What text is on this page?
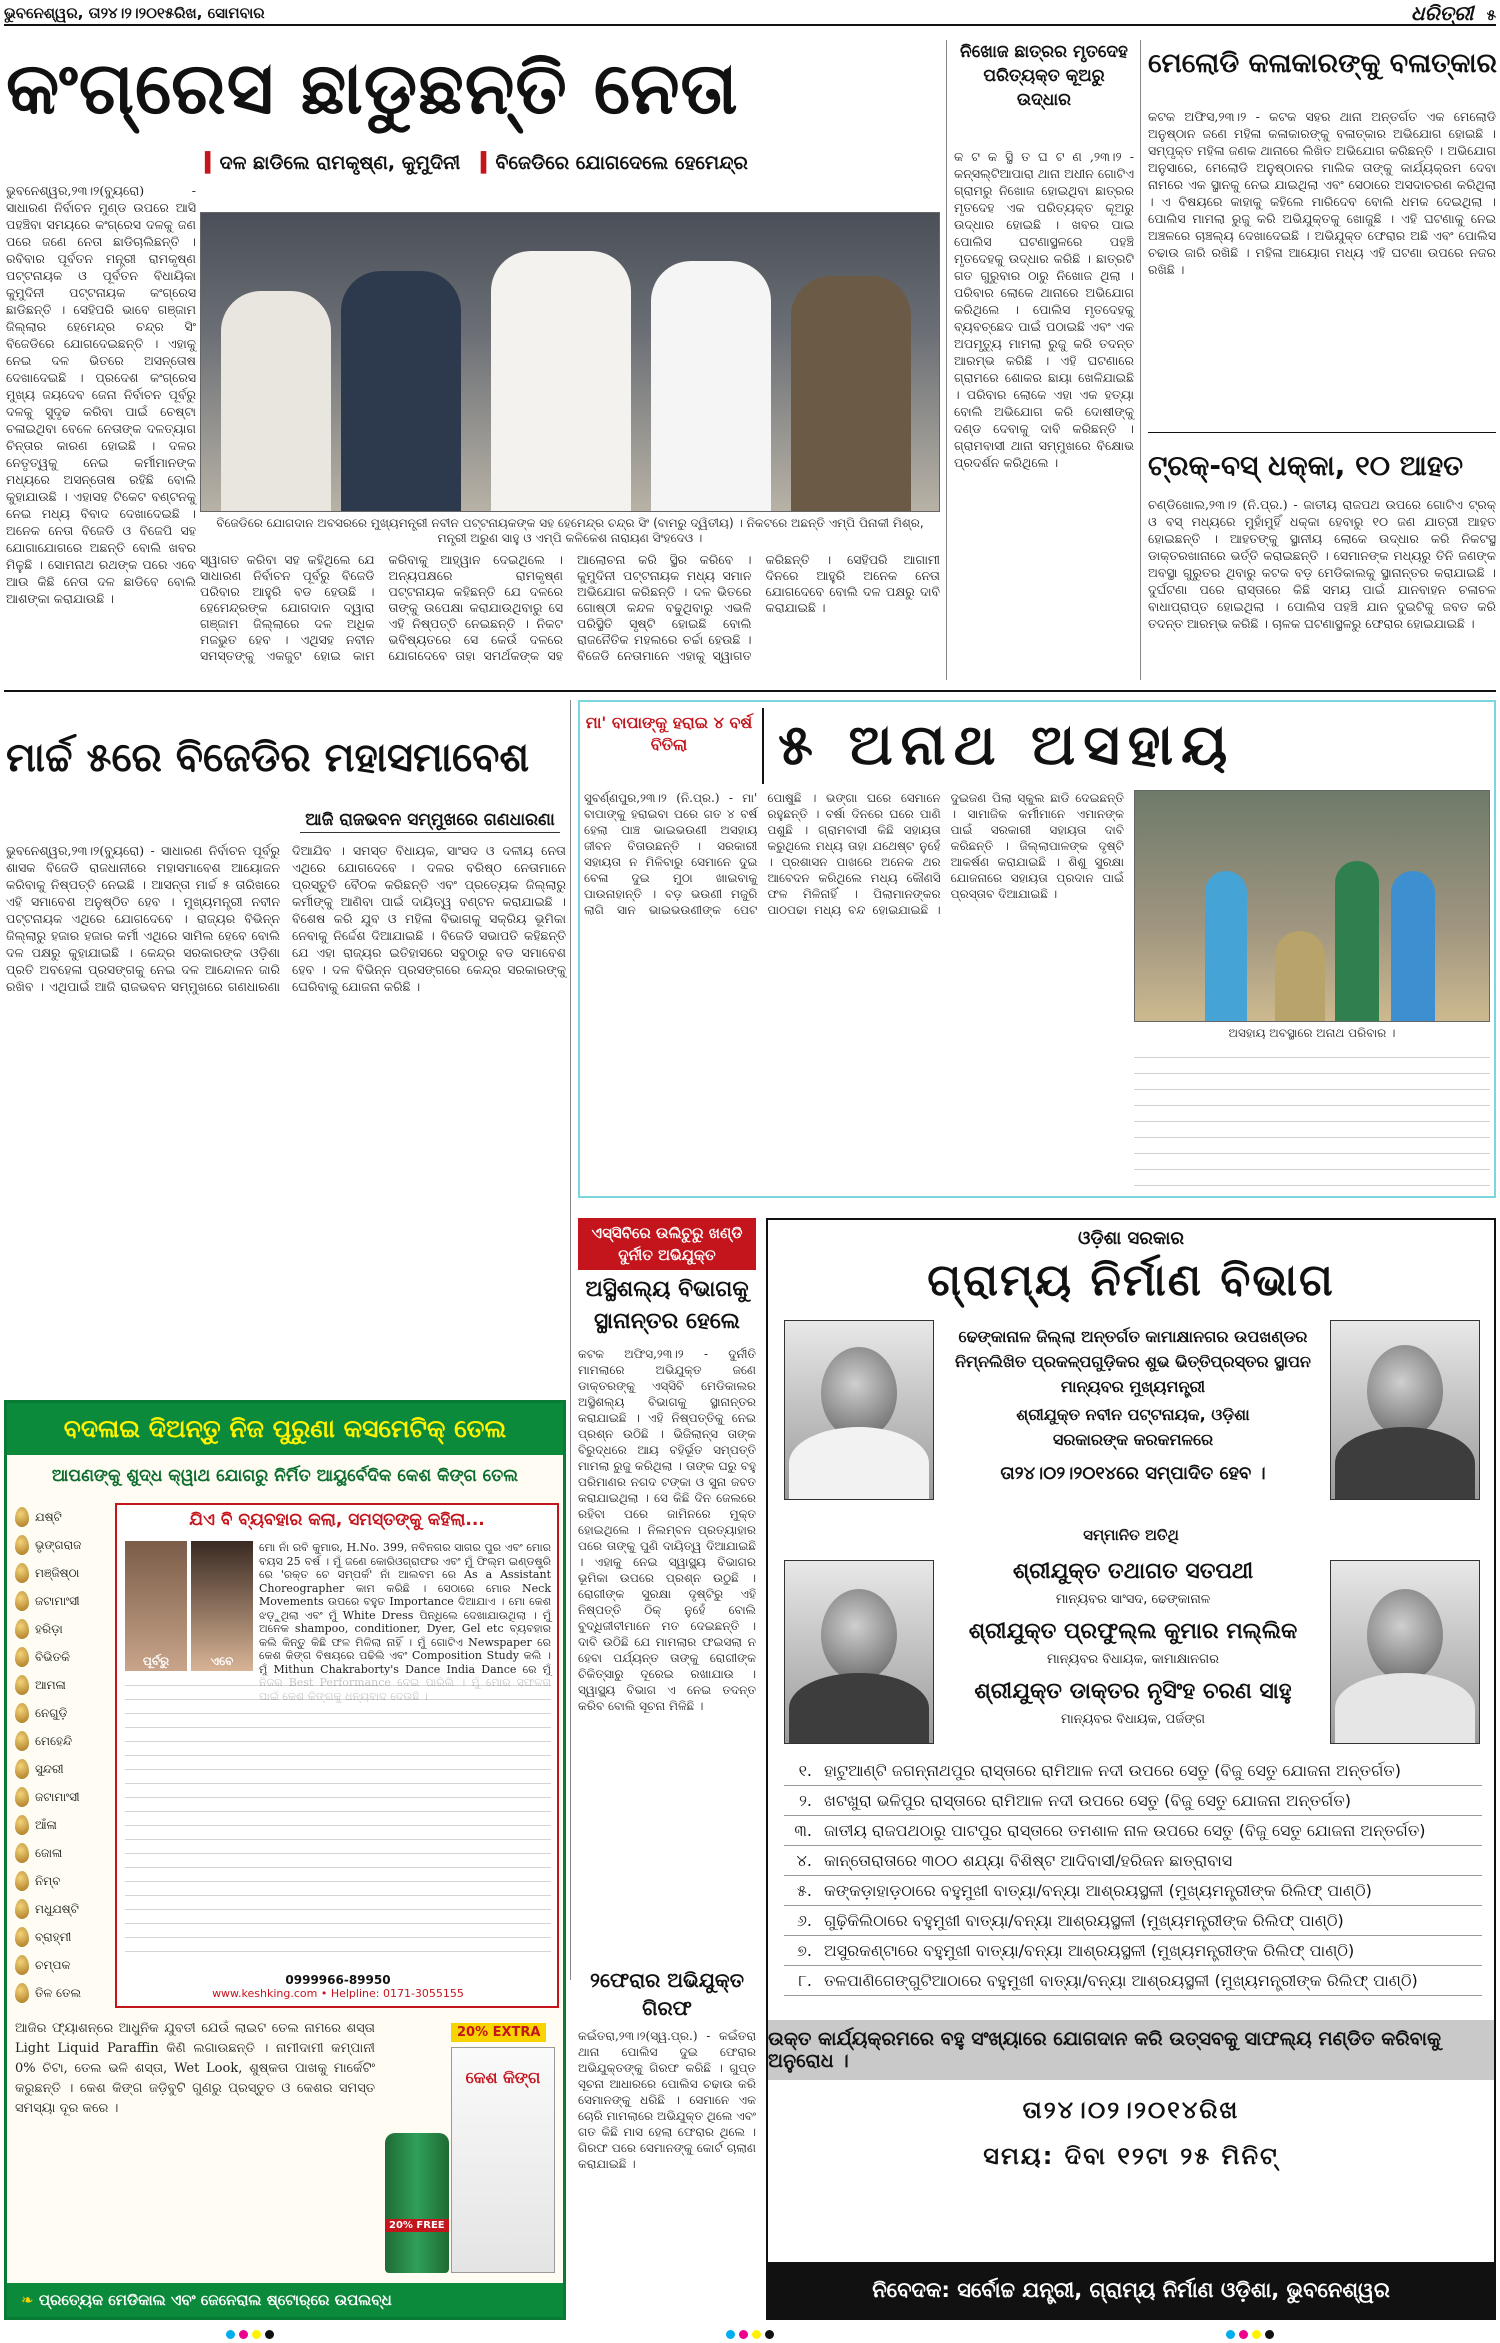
ଭୁବନେଶ୍ୱର, ତା୨୪।୨।୨୦୧୫ରିଖ, ସୋମବାର	ଧରିତ୍ରୀ ୫
କଂଗ୍ରେସ ଛାଡୁଛନ୍ତି ନେତା
▍ଦଳ ଛାଡିଲେ ରାମକୃଷ୍ଣ, କୁମୁଦିନୀ ▍ବିଜେଡିରେ ଯୋଗଦେଲେ ହେମେନ୍ଦ୍ର
ଭୁବନେଶ୍ୱର,୨୩।୨(ବ୍ୟୁରୋ) - ସାଧାରଣ ନିର୍ବାଚନ ମୁଣ୍ଡ ଉପରେ ଆସି ପହଞ୍ଚିବା ସମୟରେ କଂଗ୍ରେସ ଦଳକୁ ଜଣ ପରେ ଜଣେ ନେତା ଛାଡିଚାଲିଛନ୍ତି । ରବିବାର ପୂର୍ବତନ ମନ୍ତ୍ରୀ ରାମକୃଷ୍ଣ ପଟ୍ଟନାୟକ ଓ ପୂର୍ବତନ ବିଧାୟିକା କୁମୁଦିନୀ ପଟ୍ଟନାୟକ କଂଗ୍ରେସ ଛାଡିଛନ୍ତି । ସେହିପରି ଭାବେ ଗଞ୍ଜାମ ଜିଲ୍ଲାର ହେମେନ୍ଦ୍ର ଚନ୍ଦ୍ର ସିଂ ବିଜେଡିରେ ଯୋଗଦେଇଛନ୍ତି । ଏହାକୁ ନେଇ ଦଳ ଭିତରେ ଅସନ୍ତୋଷ ଦେଖାଦେଇଛି । ପ୍ରଦେଶ କଂଗ୍ରେସ ମୁଖ୍ୟ ଜୟଦେବ ଜେନା ନିର୍ବାଚନ ପୂର୍ବରୁ ଦଳକୁ ସୁଦୃଢ କରିବା ପାଇଁ ଚେଷ୍ଟା ଚଳାଇଥିବା ବେଳେ ନେତାଙ୍କ ଦଳତ୍ୟାଗ ଚିନ୍ତାର କାରଣ ହୋଇଛି । ଦଳର ନେତୃତ୍ୱକୁ ନେଇ କର୍ମୀମାନଙ୍କ ମଧ୍ୟରେ ଅସନ୍ତୋଷ ରହିଛି ବୋଲି କୁହାଯାଉଛି । ଏହାସହ ଟିକେଟ ବଣ୍ଟନକୁ ନେଇ ମଧ୍ୟ ବିବାଦ ଦେଖାଦେଇଛି । ଅନେକ ନେତା ବିଜେଡି ଓ ବିଜେପି ସହ ଯୋଗାଯୋଗରେ ଅଛନ୍ତି ବୋଲି ଖବର ମିଳୁଛି । ସୋମନାଥ ରଥଙ୍କ ପରେ ଏବେ ଆଉ କିଛି ନେତା ଦଳ ଛାଡିବେ ବୋଲି ଆଶଙ୍କା କରାଯାଉଛି ।
ବିଜେଡିରେ ଯୋଗଦାନ ଅବସରରେ ମୁଖ୍ୟମନ୍ତ୍ରୀ ନବୀନ ପଟ୍ଟନାୟକଙ୍କ ସହ ହେମେନ୍ଦ୍ର ଚନ୍ଦ୍ର ସିଂ (ବାମରୁ ଦ୍ୱିତୀୟ) । ନିକଟରେ ଅଛନ୍ତି ଏମ୍‌ପି ପିନାକୀ ମିଶ୍ର, ମନ୍ତ୍ରୀ ଅରୁଣ ସାହୁ ଓ ଏମ୍‌ପି କଳିକେଶ ନାରାୟଣ ସିଂହଦେଓ ।
ସ୍ୱାଗତ କରିବା ସହ କହିଥିଲେ ଯେ ସାଧାରଣ ନିର୍ବାଚନ ପୂର୍ବରୁ ବିଜେଡି ପରିବାର ଆହୁରି ବଡ ହେଉଛି । ହେମେନ୍ଦ୍ରଙ୍କ ଯୋଗଦାନ ଦ୍ୱାରା ଗଞ୍ଜାମ ଜିଲ୍ଲାରେ ଦଳ ଅଧିକ ମଜଭୁତ ହେବ । ଏଥିସହ ନବୀନ ସମସ୍ତଙ୍କୁ ଏକଜୁଟ ହୋଇ କାମ କରିବାକୁ ଆହ୍ୱାନ ଦେଇଥିଲେ । ଅନ୍ୟପକ୍ଷରେ ରାମକୃଷ୍ଣ ପଟ୍ଟନାୟକ କହିଛନ୍ତି ଯେ ଦଳରେ ତାଙ୍କୁ ଉପେକ୍ଷା କରାଯାଉଥିବାରୁ ସେ ଏହି ନିଷ୍ପତ୍ତି ନେଇଛନ୍ତି । ନିକଟ ଭବିଷ୍ୟତରେ ସେ କେଉଁ ଦଳରେ ଯୋଗଦେବେ ତାହା ସମର୍ଥକଙ୍କ ସହ ଆଲୋଚନା କରି ସ୍ଥିର କରିବେ । କୁମୁଦିନୀ ପଟ୍ଟନାୟକ ମଧ୍ୟ ସମାନ ଅଭିଯୋଗ କରିଛନ୍ତି । ଦଳ ଭିତରେ ଗୋଷ୍ଠୀ କନ୍ଦଳ ବଢୁଥିବାରୁ ଏଭଳି ପରିସ୍ଥିତି ସୃଷ୍ଟି ହୋଇଛି ବୋଲି ରାଜନୈତିକ ମହଲରେ ଚର୍ଚ୍ଚା ହେଉଛି । ବିଜେଡି ନେତାମାନେ ଏହାକୁ ସ୍ୱାଗତ କରିଛନ୍ତି । ସେହିପରି ଆଗାମୀ ଦିନରେ ଆହୁରି ଅନେକ ନେତା ଯୋଗଦେବେ ବୋଲି ଦଳ ପକ୍ଷରୁ ଦାବି କରାଯାଇଛି ।
ନିଖୋଜ ଛାତ୍ରର ମୃତଦେହ ପରିତ୍ୟକ୍ତ କୂଅରୁ ଉଦ୍ଧାର
କ ଟ କ ସ୍ଥି ତ ଘ ଟ ଣ ,୨୩।୨ - କନ୍ସଲ୍ଟିଆପାରା ଥାନା ଅଧୀନ ଗୋଟିଏ ଗ୍ରାମରୁ ନିଖୋଜ ହୋଇଥିବା ଛାତ୍ରର ମୃତଦେହ ଏକ ପରିତ୍ୟକ୍ତ କୂଅରୁ ଉଦ୍ଧାର ହୋଇଛି । ଖବର ପାଇ ପୋଲିସ ଘଟଣାସ୍ଥଳରେ ପହଞ୍ଚି ମୃତଦେହକୁ ଉଦ୍ଧାର କରିଛି । ଛାତ୍ରଟି ଗତ ଗୁରୁବାର ଠାରୁ ନିଖୋଜ ଥିଲା । ପରିବାର ଲୋକେ ଥାନାରେ ଅଭିଯୋଗ କରିଥିଲେ । ପୋଲିସ ମୃତଦେହକୁ ବ୍ୟବଚ୍ଛେଦ ପାଇଁ ପଠାଇଛି ଏବଂ ଏକ ଅପମୃତ୍ୟୁ ମାମଲା ରୁଜୁ କରି ତଦନ୍ତ ଆରମ୍ଭ କରିଛି । ଏହି ଘଟଣାରେ ଗ୍ରାମରେ ଶୋକର ଛାୟା ଖେଳିଯାଇଛି । ପରିବାର ଲୋକେ ଏହା ଏକ ହତ୍ୟା ବୋଲି ଅଭିଯୋଗ କରି ଦୋଷୀଙ୍କୁ ଦଣ୍ଡ ଦେବାକୁ ଦାବି କରିଛନ୍ତି । ଗ୍ରାମବାସୀ ଥାନା ସମ୍ମୁଖରେ ବିକ୍ଷୋଭ ପ୍ରଦର୍ଶନ କରିଥିଲେ ।
ମେଲୋଡି କଳାକାରଙ୍କୁ ବଳାତ୍କାର
କଟକ ଅଫିସ,୨୩।୨ - କଟକ ସହର ଥାନା ଅନ୍ତର୍ଗତ ଏକ ମେଲୋଡି ଅନୁଷ୍ଠାନ ଜଣେ ମହିଳା କଳାକାରଙ୍କୁ ବଳାତ୍କାର ଅଭିଯୋଗ ହୋଇଛି । ସମ୍ପୃକ୍ତ ମହିଳା ଜଣକ ଥାନାରେ ଲିଖିତ ଅଭିଯୋଗ କରିଛନ୍ତି । ଅଭିଯୋଗ ଅନୁସାରେ, ମେଲୋଡି ଅନୁଷ୍ଠାନର ମାଲିକ ତାଙ୍କୁ କାର୍ଯ୍ୟକ୍ରମ ଦେବା ନାମରେ ଏକ ସ୍ଥାନକୁ ନେଇ ଯାଇଥିଲା ଏବଂ ସେଠାରେ ଅସଦାଚରଣ କରିଥିଲା । ଏ ବିଷୟରେ କାହାକୁ କହିଲେ ମାରିଦେବ ବୋଲି ଧମକ ଦେଇଥିଲା । ପୋଲିସ ମାମଲା ରୁଜୁ କରି ଅଭିଯୁକ୍ତକୁ ଖୋଜୁଛି । ଏହି ଘଟଣାକୁ ନେଇ ଅଞ୍ଚଳରେ ଚାଞ୍ଚଲ୍ୟ ଦେଖାଦେଇଛି । ଅଭିଯୁକ୍ତ ଫେରାର ଅଛି ଏବଂ ପୋଲିସ ଚଢାଉ ଜାରି ରଖିଛି । ମହିଳା ଆୟୋଗ ମଧ୍ୟ ଏହି ଘଟଣା ଉପରେ ନଜର ରଖିଛି ।
ଟ୍ରକ୍-ବସ୍ ଧକ୍କା, ୧୦ ଆହତ
ଚଣ୍ଡିଖୋଲ,୨୩।୨ (ନି.ପ୍ର.) - ଜାତୀୟ ରାଜପଥ ଉପରେ ଗୋଟିଏ ଟ୍ରକ୍ ଓ ବସ୍ ମଧ୍ୟରେ ମୁହାଁମୁହିଁ ଧକ୍କା ହେବାରୁ ୧୦ ଜଣ ଯାତ୍ରୀ ଆହତ ହୋଇଛନ୍ତି । ଆହତଙ୍କୁ ସ୍ଥାନୀୟ ଲୋକେ ଉଦ୍ଧାର କରି ନିକଟସ୍ଥ ଡାକ୍ତରଖାନାରେ ଭର୍ତ୍ତି କରାଇଛନ୍ତି । ସେମାନଙ୍କ ମଧ୍ୟରୁ ତିନି ଜଣଙ୍କ ଅବସ୍ଥା ଗୁରୁତର ଥିବାରୁ କଟକ ବଡ଼ ମେଡିକାଲକୁ ସ୍ଥାନାନ୍ତର କରାଯାଇଛି । ଦୁର୍ଘଟଣା ପରେ ରାସ୍ତାରେ କିଛି ସମୟ ପାଇଁ ଯାନବାହନ ଚଳାଚଳ ବାଧାପ୍ରାପ୍ତ ହୋଇଥିଲା । ପୋଲିସ ପହଞ୍ଚି ଯାନ ଦୁଇଟିକୁ ଜବତ କରି ତଦନ୍ତ ଆରମ୍ଭ କରିଛି । ଚାଳକ ଘଟଣାସ୍ଥଳରୁ ଫେରାର ହୋଇଯାଇଛି ।
ମାର୍ଚ୍ଚ ୫ରେ ବିଜେଡିର ମହାସମାବେଶ
ଆଜି ରାଜଭବନ ସମ୍ମୁଖରେ ଗଣଧାରଣା
ଭୁବନେଶ୍ୱର,୨୩।୨(ବ୍ୟୁରୋ) - ସାଧାରଣ ନିର୍ବାଚନ ପୂର୍ବରୁ ଶାସକ ବିଜେଡି ରାଜଧାନୀରେ ମହାସମାବେଶ ଆୟୋଜନ କରିବାକୁ ନିଷ୍ପତ୍ତି ନେଇଛି । ଆସନ୍ତା ମାର୍ଚ୍ଚ ୫ ତାରିଖରେ ଏହି ସମାବେଶ ଅନୁଷ୍ଠିତ ହେବ । ମୁଖ୍ୟମନ୍ତ୍ରୀ ନବୀନ ପଟ୍ଟନାୟକ ଏଥିରେ ଯୋଗଦେବେ । ରାଜ୍ୟର ବିଭିନ୍ନ ଜିଲ୍ଲାରୁ ହଜାର ହଜାର କର୍ମୀ ଏଥିରେ ସାମିଲ ହେବେ ବୋଲି ଦଳ ପକ୍ଷରୁ କୁହାଯାଇଛି । କେନ୍ଦ୍ର ସରକାରଙ୍କ ଓଡ଼ିଶା ପ୍ରତି ଅବହେଳା ପ୍ରସଙ୍ଗକୁ ନେଇ ଦଳ ଆନ୍ଦୋଳନ ଜାରି ରଖିବ । ଏଥିପାଇଁ ଆଜି ରାଜଭବନ ସମ୍ମୁଖରେ ଗଣଧାରଣା ଦିଆଯିବ । ସମସ୍ତ ବିଧାୟକ, ସାଂସଦ ଓ ଦଳୀୟ ନେତା ଏଥିରେ ଯୋଗଦେବେ । ଦଳର ବରିଷ୍ଠ ନେତାମାନେ ପ୍ରସ୍ତୁତି ବୈଠକ କରିଛନ୍ତି ଏବଂ ପ୍ରତ୍ୟେକ ଜିଲ୍ଲାରୁ କର୍ମୀଙ୍କୁ ଆଣିବା ପାଇଁ ଦାୟିତ୍ୱ ବଣ୍ଟନ କରାଯାଇଛି । ବିଶେଷ କରି ଯୁବ ଓ ମହିଳା ବିଭାଗକୁ ସକ୍ରିୟ ଭୂମିକା ନେବାକୁ ନିର୍ଦ୍ଦେଶ ଦିଆଯାଇଛି । ବିଜେଡି ସଭାପତି କହିଛନ୍ତି ଯେ ଏହା ରାଜ୍ୟର ଇତିହାସରେ ସବୁଠାରୁ ବଡ ସମାବେଶ ହେବ । ଦଳ ବିଭିନ୍ନ ପ୍ରସଙ୍ଗରେ କେନ୍ଦ୍ର ସରକାରଙ୍କୁ ଘେରିବାକୁ ଯୋଜନା କରିଛି ।
ମା' ବାପାଙ୍କୁ ହରାଇ ୪ ବର୍ଷ ବିତିଲା	୫ ଅନାଥ ଅସହାୟ
ସୁବର୍ଣ୍ଣପୁର,୨୩।୨ (ନି.ପ୍ର.) - ମା' ବାପାଙ୍କୁ ହରାଇବା ପରେ ଗତ ୪ ବର୍ଷ ହେଲା ପାଞ୍ଚ ଭାଇଭଉଣୀ ଅସହାୟ ଜୀବନ ବିତାଉଛନ୍ତି । ସରକାରୀ ସହାୟତା ନ ମିଳିବାରୁ ସେମାନେ ଦୁଇ ବେଳା ଦୁଇ ମୁଠା ଖାଇବାକୁ ପାଉନାହାନ୍ତି । ବଡ଼ ଭଉଣୀ ମଜୁରି ଲାଗି ସାନ ଭାଇଭଉଣୀଙ୍କ ପେଟ ପୋଷୁଛି । ଭଙ୍ଗା ଘରେ ସେମାନେ ରହୁଛନ୍ତି । ବର୍ଷା ଦିନରେ ଘରେ ପାଣି ପଶୁଛି । ଗ୍ରାମବାସୀ କିଛି ସହାୟତା କରୁଥିଲେ ମଧ୍ୟ ତାହା ଯଥେଷ୍ଟ ନୁହେଁ । ପ୍ରଶାସନ ପାଖରେ ଅନେକ ଥର ଆବେଦନ କରିଥିଲେ ମଧ୍ୟ କୌଣସି ଫଳ ମିଳିନାହିଁ । ପିଲାମାନଙ୍କର ପାଠପଢା ମଧ୍ୟ ବନ୍ଦ ହୋଇଯାଇଛି । ଦୁଇଜଣ ପିଲା ସ୍କୁଲ ଛାଡି ଦେଇଛନ୍ତି । ସାମାଜିକ କର୍ମୀମାନେ ଏମାନଙ୍କ ପାଇଁ ସରକାରୀ ସହାୟତା ଦାବି କରିଛନ୍ତି । ଜିଲ୍ଲାପାଳଙ୍କ ଦୃଷ୍ଟି ଆକର୍ଷଣ କରାଯାଇଛି । ଶିଶୁ ସୁରକ୍ଷା ଯୋଜନାରେ ସହାୟତା ପ୍ରଦାନ ପାଇଁ ପ୍ରସ୍ତାବ ଦିଆଯାଇଛି ।
ଅସହାୟ ଅବସ୍ଥାରେ ଅନାଥ ପରିବାର ।
ଏସ୍‌ସିବିରେ ଉଲିଚୁରୁ ଖଣ୍ଡି ଦୁର୍ନୀତ ଅଭିଯୁକ୍ତ
ଅସ୍ଥିଶଲ୍ୟ ବିଭାଗକୁ ସ୍ଥାନାନ୍ତର ହେଲେ
କଟକ ଅଫିସ,୨୩।୨ - ଦୁର୍ନୀତି ମାମଲାରେ ଅଭିଯୁକ୍ତ ଜଣେ ଡାକ୍ତରଙ୍କୁ ଏସ୍‌ସିବି ମେଡିକାଲର ଅସ୍ଥିଶଲ୍ୟ ବିଭାଗକୁ ସ୍ଥାନାନ୍ତର କରାଯାଇଛି । ଏହି ନିଷ୍ପତ୍ତିକୁ ନେଇ ପ୍ରଶ୍ନ ଉଠିଛି । ଭିଜିଲାନ୍ସ ତାଙ୍କ ବିରୁଦ୍ଧରେ ଆୟ ବହିର୍ଭୂତ ସମ୍ପତ୍ତି ମାମଲା ରୁଜୁ କରିଥିଲା । ତାଙ୍କ ଘରୁ ବହୁ ପରିମାଣର ନଗଦ ଟଙ୍କା ଓ ସୁନା ଜବତ କରାଯାଇଥିଲା । ସେ କିଛି ଦିନ ଜେଲରେ ରହିବା ପରେ ଜାମିନରେ ମୁକ୍ତ ହୋଇଥିଲେ । ନିଲମ୍ବନ ପ୍ରତ୍ୟାହାର ପରେ ତାଙ୍କୁ ପୁଣି ଦାୟିତ୍ୱ ଦିଆଯାଇଛି । ଏହାକୁ ନେଇ ସ୍ୱାସ୍ଥ୍ୟ ବିଭାଗର ଭୂମିକା ଉପରେ ପ୍ରଶ୍ନ ଉଠୁଛି । ରୋଗୀଙ୍କ ସୁରକ୍ଷା ଦୃଷ୍ଟିରୁ ଏହି ନିଷ୍ପତ୍ତି ଠିକ୍ ନୁହେଁ ବୋଲି ବୁଦ୍ଧିଜୀବୀମାନେ ମତ ଦେଇଛନ୍ତି । ଦାବି ଉଠିଛି ଯେ ମାମଲାର ଫଇସଲା ନ ହେବା ପର୍ଯ୍ୟନ୍ତ ତାଙ୍କୁ ରୋଗୀଙ୍କ ଚିକିତ୍ସାରୁ ଦୂରେଇ ରଖାଯାଉ । ସ୍ୱାସ୍ଥ୍ୟ ବିଭାଗ ଏ ନେଇ ତଦନ୍ତ କରିବ ବୋଲି ସୂଚନା ମିଳିଛି ।
୨ଫେରାର ଅଭିଯୁକ୍ତ ଗିରଫ
କଇଁତରା,୨୩।୨(ସ୍ୱ.ପ୍ର.) - କଇଁତରା ଥାନା ପୋଲିସ ଦୁଇ ଫେରାର ଅଭିଯୁକ୍ତଙ୍କୁ ଗିରଫ କରିଛି । ଗୁପ୍ତ ସୂଚନା ଆଧାରରେ ପୋଲିସ ଚଢାଉ କରି ସେମାନଙ୍କୁ ଧରିଛି । ସେମାନେ ଏକ ଚୋରି ମାମଲାରେ ଅଭିଯୁକ୍ତ ଥିଲେ ଏବଂ ଗତ କିଛି ମାସ ହେଲା ଫେରାର ଥିଲେ । ଗିରଫ ପରେ ସେମାନଙ୍କୁ କୋର୍ଟ ଚାଲାଣ କରାଯାଇଛି ।
ବଦଳାଇ ଦିଅନ୍ତୁ ନିଜ ପୁରୁଣା କସମେଟିକ୍ ତେଲ
ଆପଣଙ୍କୁ ଶୁଦ୍ଧ କ୍ୱାଥ ଯୋଗରୁ ନିର୍ମିତ ଆୟୁର୍ବେଦିକ କେଶ କିଙ୍ଗ ତେଲ
ଯଷ୍ଟି
ଭୃଙ୍ଗରାଜ
ମଞ୍ଜିଷ୍ଠା
ଜଟାମାଂସୀ
ହରିଡ଼ା
ବିଭିତକି
ଆମଳା
ନେଗୁଡ଼ି
ମେହେନ୍ଦି
ସୁନ୍ଦରୀ
ଜଟାମାଂସୀ
ଆଁଳା
ଜୋଳା
ନିମ୍ବ
ମଧୁଯଷ୍ଟି
ବ୍ରାହ୍ମୀ
ଚମ୍ପକ
ତିଳ ତେଲ
ଯିଏ ବି ବ୍ୟବହାର କଲା, ସମସ୍ତଙ୍କୁ କହିଲା...
ପୂର୍ବରୁ	ଏବେ
ମୋ ନାଁ ରବି କୁମାର, H.No. 399, ନବିନଗର ସାଗର ପୁର ଏବଂ ମୋର ବୟସ 25 ବର୍ଷ । ମୁଁ ଜଣେ କୋରିଓଗ୍ରାଫର ଏବଂ ମୁଁ ଫିଲ୍ମ ଇଣ୍ଡଷ୍ଟ୍ରି ରେ 'ରକ୍ତ ଚେ ସମ୍ପର୍କ' ନାଁ ଆଲବମ ରେ As a Assistant Choreographer କାମ କରିଛି । ସେଠାରେ ମୋର Neck Movements ଉପରେ ବହୁତ Importance ଦିଆଯାଏ । ମୋ କେଶ ଝଡ଼ୁଥିଲା ଏବଂ ମୁଁ White Dress ପିନ୍ଧିଲେ ଦେଖାଯାଉଥିଲା । ମୁଁ ଅନେକ shampoo, conditioner, Dyer, Gel etc ବ୍ୟବହାର କଲି କିନ୍ତୁ କିଛି ଫଳ ମିଳିଲା ନାହିଁ । ମୁଁ ଗୋଟିଏ Newspaper ରେ କେଶ କିଙ୍ଗ ବିଷୟରେ ପଢିଲି ଏବଂ Composition Study କଲି । ମୁଁ Mithun Chakraborty's Dance India Dance ରେ ମୁଁ
0999966-89950
www.keshking.com • Helpline: 0171-3055155
ଆଜିର ଫ୍ୟାଶନ୍‌ରେ ଆଧୁନିକ ଯୁବତୀ ଯେଉଁ ଲାଇଟ ତେଲ ନାମରେ ଶସ୍ତା Light Liquid Paraffin କିଣି ଲଗାଉଛନ୍ତି । ନାମୀଦାମୀ କମ୍ପାନୀ 0% ଚିଟା, ତେଲ ଭଳି ଶସ୍ତା, Wet Look, ଶୁଷ୍କତା ପାଖକୁ ମାର୍କେଟିଂ କରୁଛନ୍ତି । କେଶ କିଙ୍ଗ ଜଡ଼ିବୁଟି ଗୁଣରୁ ପ୍ରସ୍ତୁତ ଓ କେଶର ସମସ୍ତ ସମସ୍ୟା ଦୂର କରେ ।
20% EXTRA
କେଶ କିଙ୍ଗ
20% FREE
❧ ପ୍ରତ୍ୟେକ ମେଡିକାଲ ଏବଂ ଜେନେରାଲ ଷ୍ଟୋର୍‌ରେ ଉପଲବ୍ଧ
ଓଡ଼ିଶା ସରକାର
ଗ୍ରାମ୍ୟ ନିର୍ମାଣ ବିଭାଗ
ଢେଙ୍କାନାଳ ଜିଲ୍ଲା ଅନ୍ତର୍ଗତ କାମାକ୍ଷାନଗର ଉପଖଣ୍ଡର ନିମ୍ନଲିଖିତ ପ୍ରକଳ୍ପଗୁଡ଼ିକର ଶୁଭ ଭିତ୍ତିପ୍ରସ୍ତର ସ୍ଥାପନ ମାନ୍ୟବର ମୁଖ୍ୟମନ୍ତ୍ରୀ
ଶ୍ରୀଯୁକ୍ତ ନବୀନ ପଟ୍ଟନାୟକ, ଓଡ଼ିଶା
ସରକାରଙ୍କ କରକମଳରେ
ତା୨୪।୦୨।୨୦୧୪ରେ ସମ୍ପାଦିତ ହେବ ।
ସମ୍ମାନିତ ଅତିଥି
ଶ୍ରୀଯୁକ୍ତ ତଥାଗତ ସତପଥୀ
ମାନ୍ୟବର ସାଂସଦ, ଢେଙ୍କାନାଳ
ଶ୍ରୀଯୁକ୍ତ ପ୍ରଫୁଲ୍ଲ କୁମାର ମଲ୍ଲିକ
ମାନ୍ୟବର ବିଧାୟକ, କାମାକ୍ଷାନଗର
ଶ୍ରୀଯୁକ୍ତ ଡାକ୍ତର ନୃସିଂହ ଚରଣ ସାହୁ
ମାନ୍ୟବର ବିଧାୟକ, ପର୍ଜଙ୍ଗ
୧. ହାଟୁଆଣ୍ଟି ଜଗନ୍ନାଥପୁର ରାସ୍ତାରେ ରାମିଆଳ ନଦୀ ଉପରେ ସେତୁ (ବିଜୁ ସେତୁ ଯୋଜନା ଅନ୍ତର୍ଗତ)
୨. ଖଟଖୁରା ଭଳିପୁର ରାସ୍ତାରେ ରାମିଆଳ ନଦୀ ଉପରେ ସେତୁ (ବିଜୁ ସେତୁ ଯୋଜନା ଅନ୍ତର୍ଗତ)
୩. ଜାତୀୟ ରାଜପଥଠାରୁ ପାଟପୁର ରାସ୍ତାରେ ତମଶାଳ ନାଳ ଉପରେ ସେତୁ (ବିଜୁ ସେତୁ ଯୋଜନା ଅନ୍ତର୍ଗତ)
୪. କାନ୍ତୋରାତାରେ ୩୦୦ ଶଯ୍ୟା ବିଶିଷ୍ଟ ଆଦିବାସୀ/ହରିଜନ ଛାତ୍ରାବାସ
୫. କଙ୍କଡ଼ାହାଡ଼ଠାରେ ବହୁମୁଖୀ ବାତ୍ୟା/ବନ୍ୟା ଆଶ୍ରୟସ୍ଥଳୀ (ମୁଖ୍ୟମନ୍ତ୍ରୀଙ୍କ ରିଲିଫ୍ ପାଣ୍ଠି)
୬. ଗୁଢ଼ିକିଲିଠାରେ ବହୁମୁଖୀ ବାତ୍ୟା/ବନ୍ୟା ଆଶ୍ରୟସ୍ଥଳୀ (ମୁଖ୍ୟମନ୍ତ୍ରୀଙ୍କ ରିଲିଫ୍ ପାଣ୍ଠି)
୭. ଅସୁରକଣ୍ଟାରେ ବହୁମୁଖୀ ବାତ୍ୟା/ବନ୍ୟା ଆଶ୍ରୟସ୍ଥଳୀ (ମୁଖ୍ୟମନ୍ତ୍ରୀଙ୍କ ରିଲିଫ୍ ପାଣ୍ଠି)
୮. ତଳପାଣିଗେଙ୍ଗୁଟିଆଠାରେ ବହୁମୁଖୀ ବାତ୍ୟା/ବନ୍ୟା ଆଶ୍ରୟସ୍ଥଳୀ (ମୁଖ୍ୟମନ୍ତ୍ରୀଙ୍କ ରିଲିଫ୍ ପାଣ୍ଠି)
ଉକ୍ତ କାର୍ଯ୍ୟକ୍ରମରେ ବହୁ ସଂଖ୍ୟାରେ ଯୋଗଦାନ କରି ଉତ୍ସବକୁ ସାଫଲ୍ୟ ମଣ୍ଡିତ କରିବାକୁ ଅନୁରୋଧ ।
ତା୨୪।୦୨।୨୦୧୪ରିଖ
ସମୟ: ଦିବା ୧୨ଟା ୨୫ ମିନିଟ୍
ନିବେଦକ: ସର୍ବୋଚ୍ଚ ଯନ୍ତ୍ରୀ, ଗ୍ରାମ୍ୟ ନିର୍ମାଣ ଓଡ଼ିଶା, ଭୁବନେଶ୍ୱର
